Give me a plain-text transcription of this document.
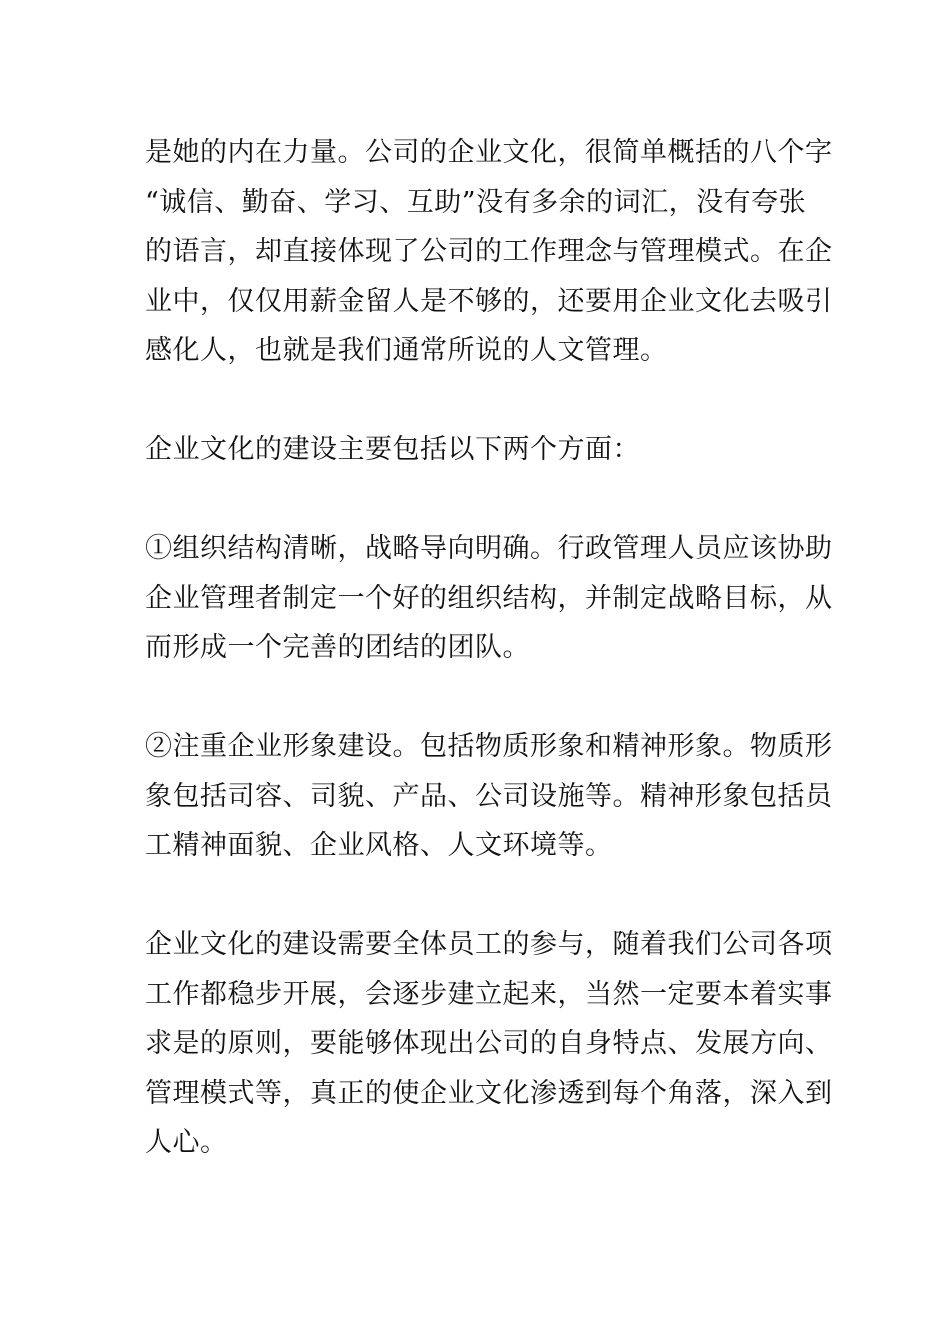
是她的内在力量。公司的企业文化，很简单概括的八个字
“诚信、勤奋、学习、互助”没有多余的词汇，没有夸张
的语言，却直接体现了公司的工作理念与管理模式。在企
业中，仅仅用薪金留人是不够的，还要用企业文化去吸引
感化人，也就是我们通常所说的人文管理。

企业文化的建设主要包括以下两个方面：

①组织结构清晰，战略导向明确。行政管理人员应该协助
企业管理者制定一个好的组织结构，并制定战略目标，从
而形成一个完善的团结的团队。

②注重企业形象建设。包括物质形象和精神形象。物质形
象包括司容、司貌、产品、公司设施等。精神形象包括员
工精神面貌、企业风格、人文环境等。

企业文化的建设需要全体员工的参与，随着我们公司各项
工作都稳步开展，会逐步建立起来，当然一定要本着实事
求是的原则，要能够体现出公司的自身特点、发展方向、
管理模式等，真正的使企业文化渗透到每个角落，深入到
人心。
